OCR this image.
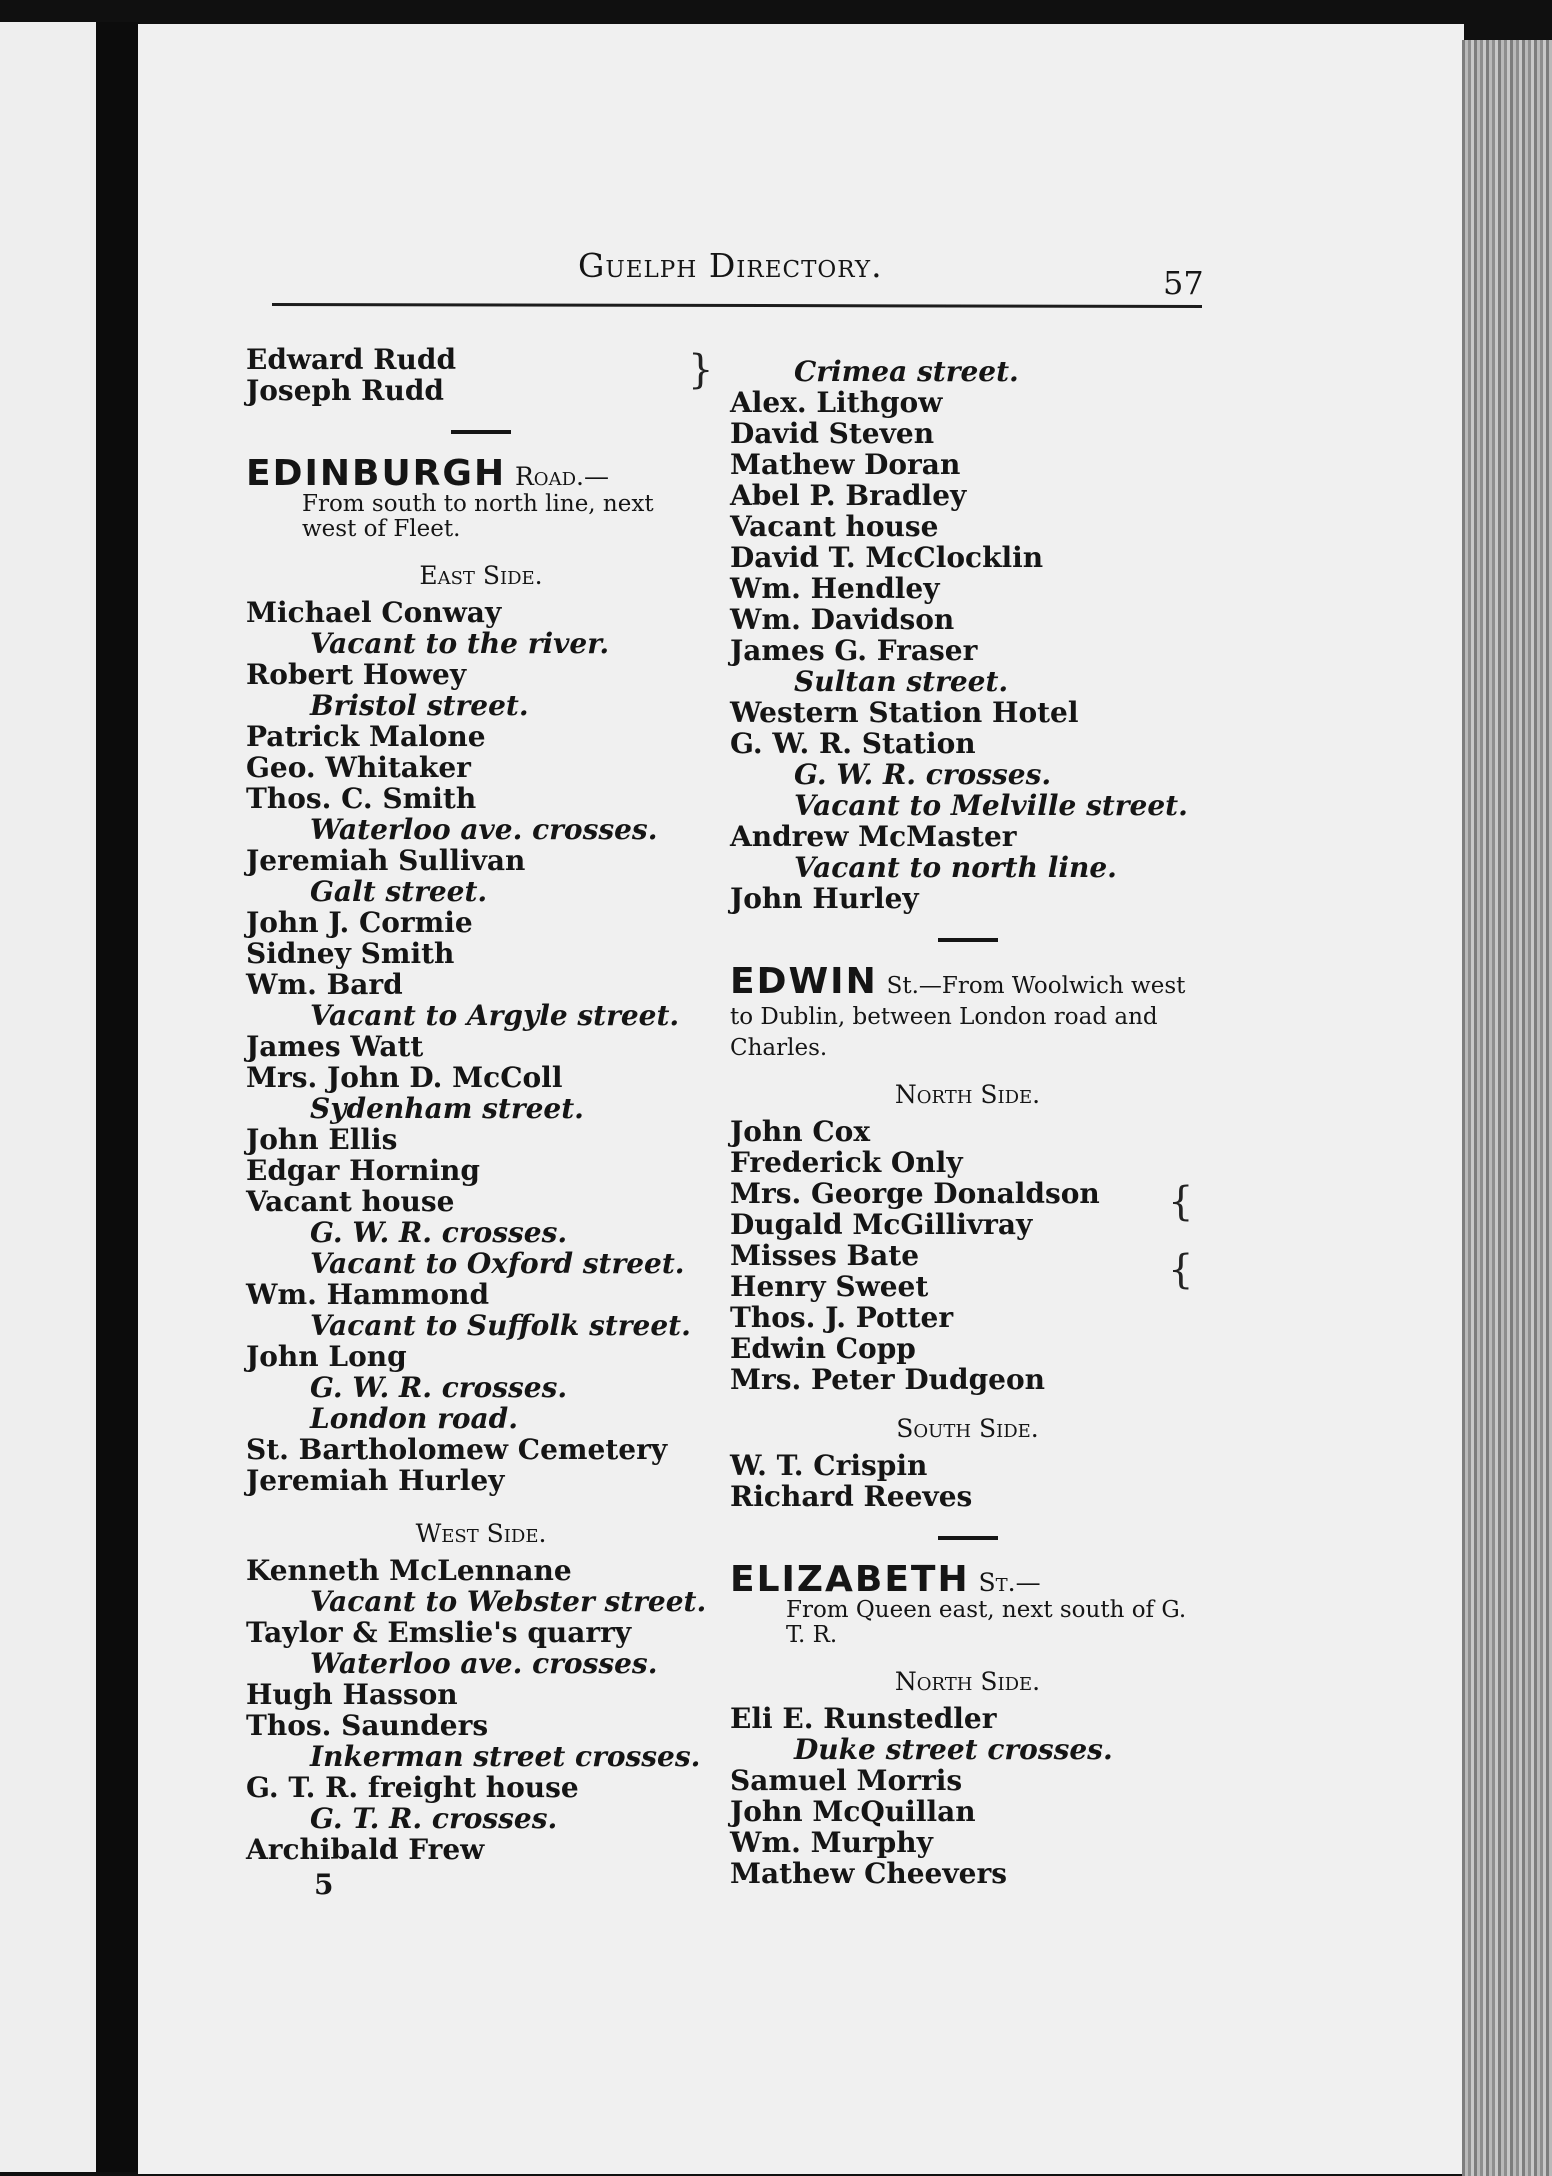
Guelph Directory.	57
Edward Rudd
Joseph Rudd
EDINBURGH Road.—
From south to north line, next west of Fleet.
East Side.
Michael Conway
Vacant to the river.
Robert Howey
Bristol street.
Patrick Malone
Geo. Whitaker
Thos. C. Smith
Waterloo ave. crosses.
Jeremiah Sullivan
Galt street.
John J. Cormie
Sidney Smith
Wm. Bard
Vacant to Argyle street.
James Watt
Mrs. John D. McColl
Sydenham street.
John Ellis
Edgar Horning
Vacant house
G. W. R. crosses.
Vacant to Oxford street.
Wm. Hammond
Vacant to Suffolk street.
John Long
G. W. R. crosses.
London road.
St. Bartholomew Cemetery
Jeremiah Hurley
West Side.
Kenneth McLennane
Vacant to Webster street.
Taylor & Emslie's quarry
Waterloo ave. crosses.
Hugh Hasson
Thos. Saunders
Inkerman street crosses.
G. T. R. freight house
G. T. R. crosses.
Archibald Frew
5
Crimea street.
Alex. Lithgow
David Steven
Mathew Doran
Abel P. Bradley
Vacant house
David T. McClocklin
Wm. Hendley
Wm. Davidson
James G. Fraser
Sultan street.
Western Station Hotel
G. W. R. Station
G. W. R. crosses.
Vacant to Melville street.
Andrew McMaster
Vacant to north line.
John Hurley
EDWIN St.—From Woolwich west to Dublin, between London road and Charles.
North Side.
John Cox
Frederick Only
Mrs. George Donaldson
Dugald McGillivray
Misses Bate
Henry Sweet
Thos. J. Potter
Edwin Copp
Mrs. Peter Dudgeon
South Side.
W. T. Crispin
Richard Reeves
ELIZABETH St.—
From Queen east, next south of G. T. R.
North Side.
Eli E. Runstedler
Duke street crosses.
Samuel Morris
John McQuillan
Wm. Murphy
Mathew Cheevers
}
{
{
